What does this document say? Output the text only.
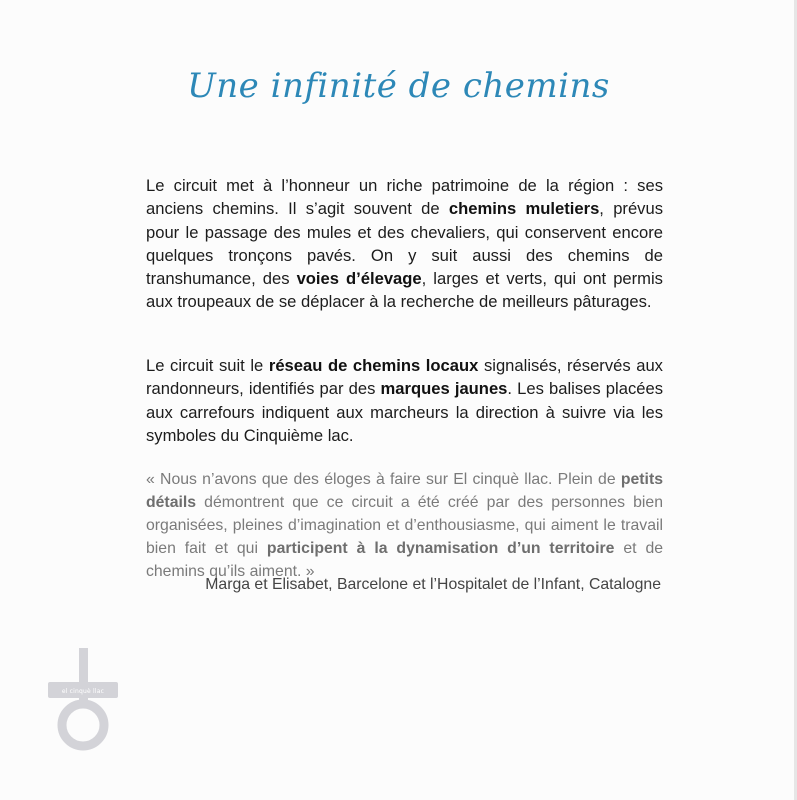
Une infinité de chemins

Le circuit met à l’honneur un riche patrimoine de la région : ses anciens chemins. Il s’agit souvent de chemins muletiers, prévus pour le passage des mules et des chevaliers, qui conservent encore quelques tronçons pavés. On y suit aussi des chemins de transhumance, des voies d’élevage, larges et verts, qui ont permis aux troupeaux de se déplacer à la recherche de meilleurs pâturages.

Le circuit suit le réseau de chemins locaux signalisés, réservés aux randonneurs, identifiés par des marques jaunes. Les balises placées aux carrefours indiquent aux marcheurs la direction à suivre via les symboles du Cinquième lac.

« Nous n’avons que des éloges à faire sur El cinquè llac. Plein de petits détails démontrent que ce circuit a été créé par des personnes bien organisées, pleines d’imagination et d’enthousiasme, qui aiment le travail bien fait et qui participent à la dynamisation d’un territoire et de chemins qu’ils aiment. »

Marga et Elisabet, Barcelone et l’Hospitalet de l’Infant, Catalogne
el cinquè llac
